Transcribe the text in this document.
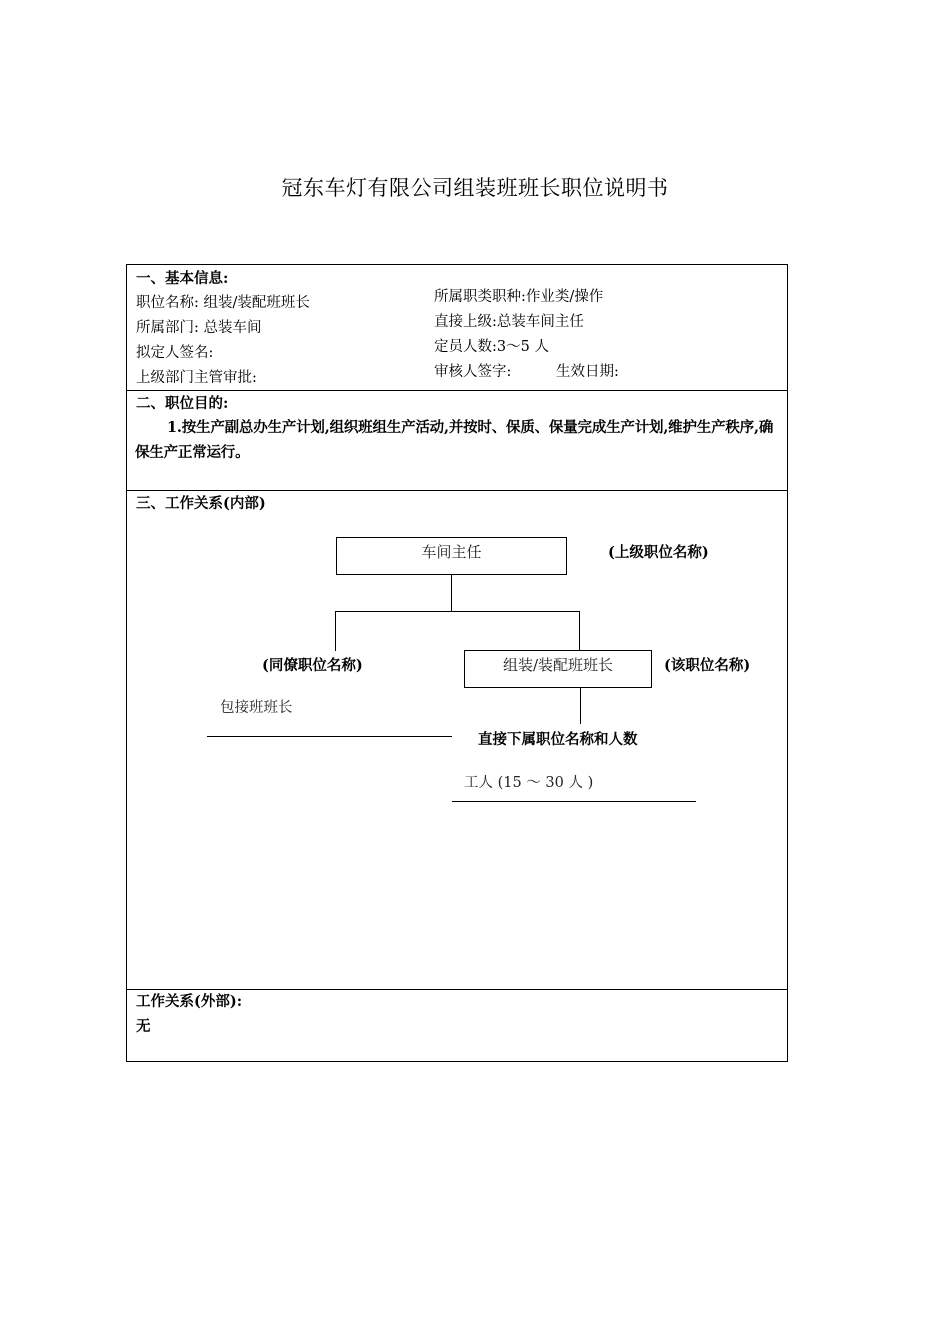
冠东车灯有限公司组装班班长职位说明书
一、基本信息:
职位名称: 组装/装配班班长
所属部门: 总装车间
拟定人签名:
上级部门主管审批:
所属职类职种:作业类/操作
直接上级:总装车间主任
定员人数:3～5 人
审核人签字:	生效日期:
二、职位目的:
1.按生产副总办生产计划,组织班组生产活动,并按时、保质、保量完成生产计划,维护生产秩序,确保生产正常运行。
三、工作关系(内部)
车间主任	(上级职位名称)
(同僚职位名称)	组装/装配班班长	(该职位名称)
包接班班长
直接下属职位名称和人数
工人 (15 ～ 30 人 )
工作关系(外部):
无
